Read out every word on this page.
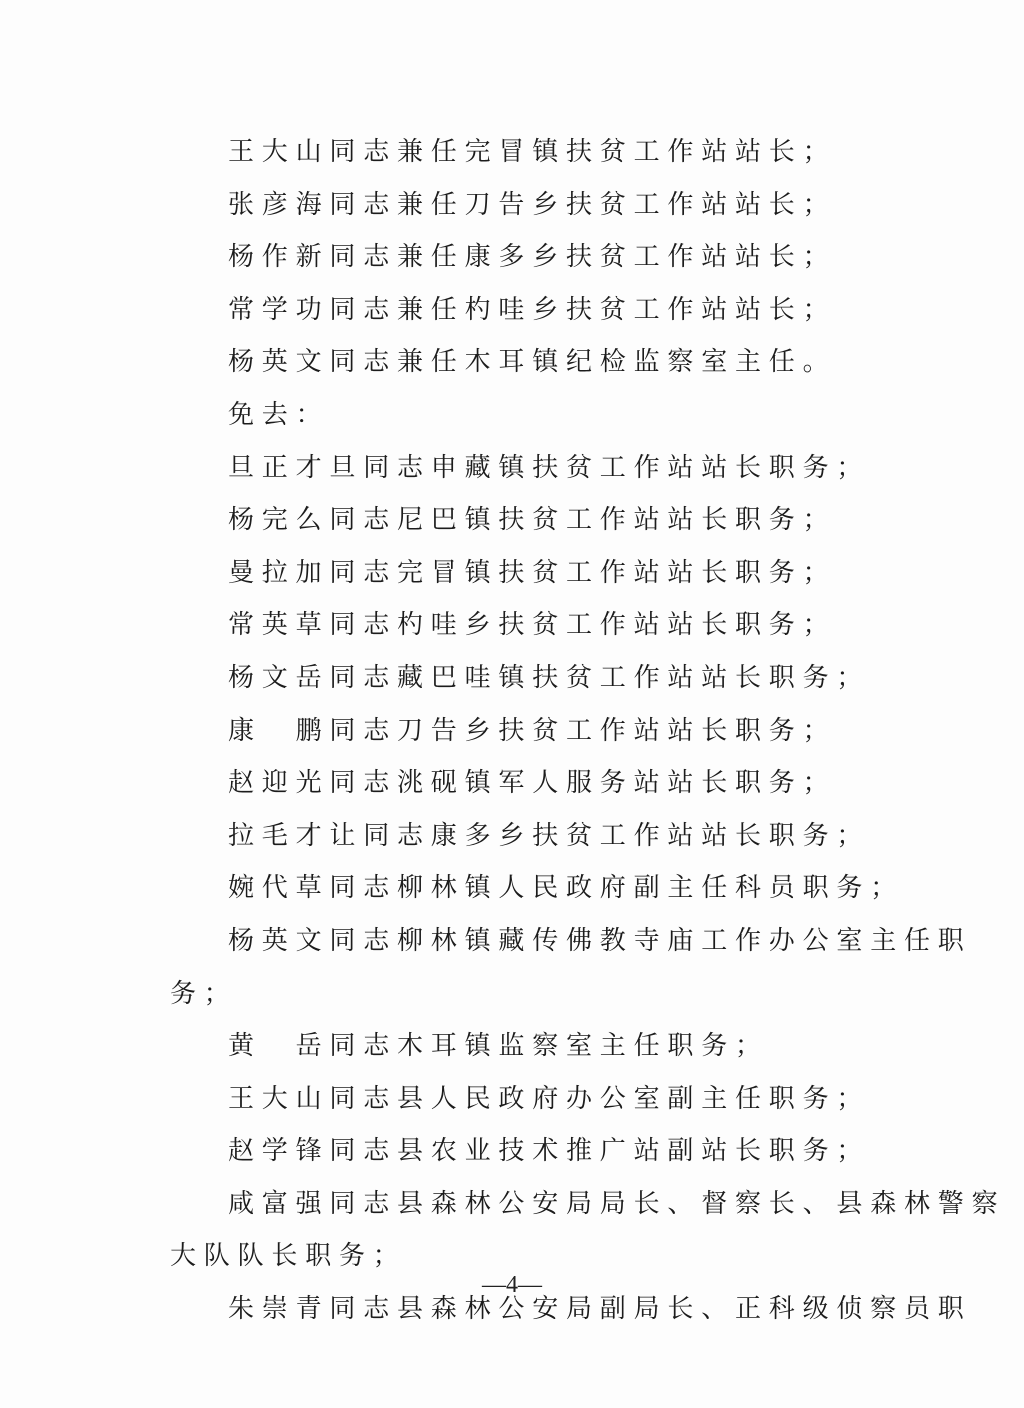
王大山同志兼任完冒镇扶贫工作站站长；
张彦海同志兼任刀告乡扶贫工作站站长；
杨作新同志兼任康多乡扶贫工作站站长；
常学功同志兼任杓哇乡扶贫工作站站长；
杨英文同志兼任木耳镇纪检监察室主任。
免去：
旦正才旦同志申藏镇扶贫工作站站长职务；
杨完么同志尼巴镇扶贫工作站站长职务；
曼拉加同志完冒镇扶贫工作站站长职务；
常英草同志杓哇乡扶贫工作站站长职务；
杨文岳同志藏巴哇镇扶贫工作站站长职务；
康　鹏同志刀告乡扶贫工作站站长职务；
赵迎光同志洮砚镇军人服务站站长职务；
拉毛才让同志康多乡扶贫工作站站长职务；
婉代草同志柳林镇人民政府副主任科员职务；
杨英文同志柳林镇藏传佛教寺庙工作办公室主任职
务；
黄　岳同志木耳镇监察室主任职务；
王大山同志县人民政府办公室副主任职务；
赵学锋同志县农业技术推广站副站长职务；
咸富强同志县森林公安局局长、督察长、县森林警察
大队队长职务；
朱崇青同志县森林公安局副局长、正科级侦察员职
—4—
